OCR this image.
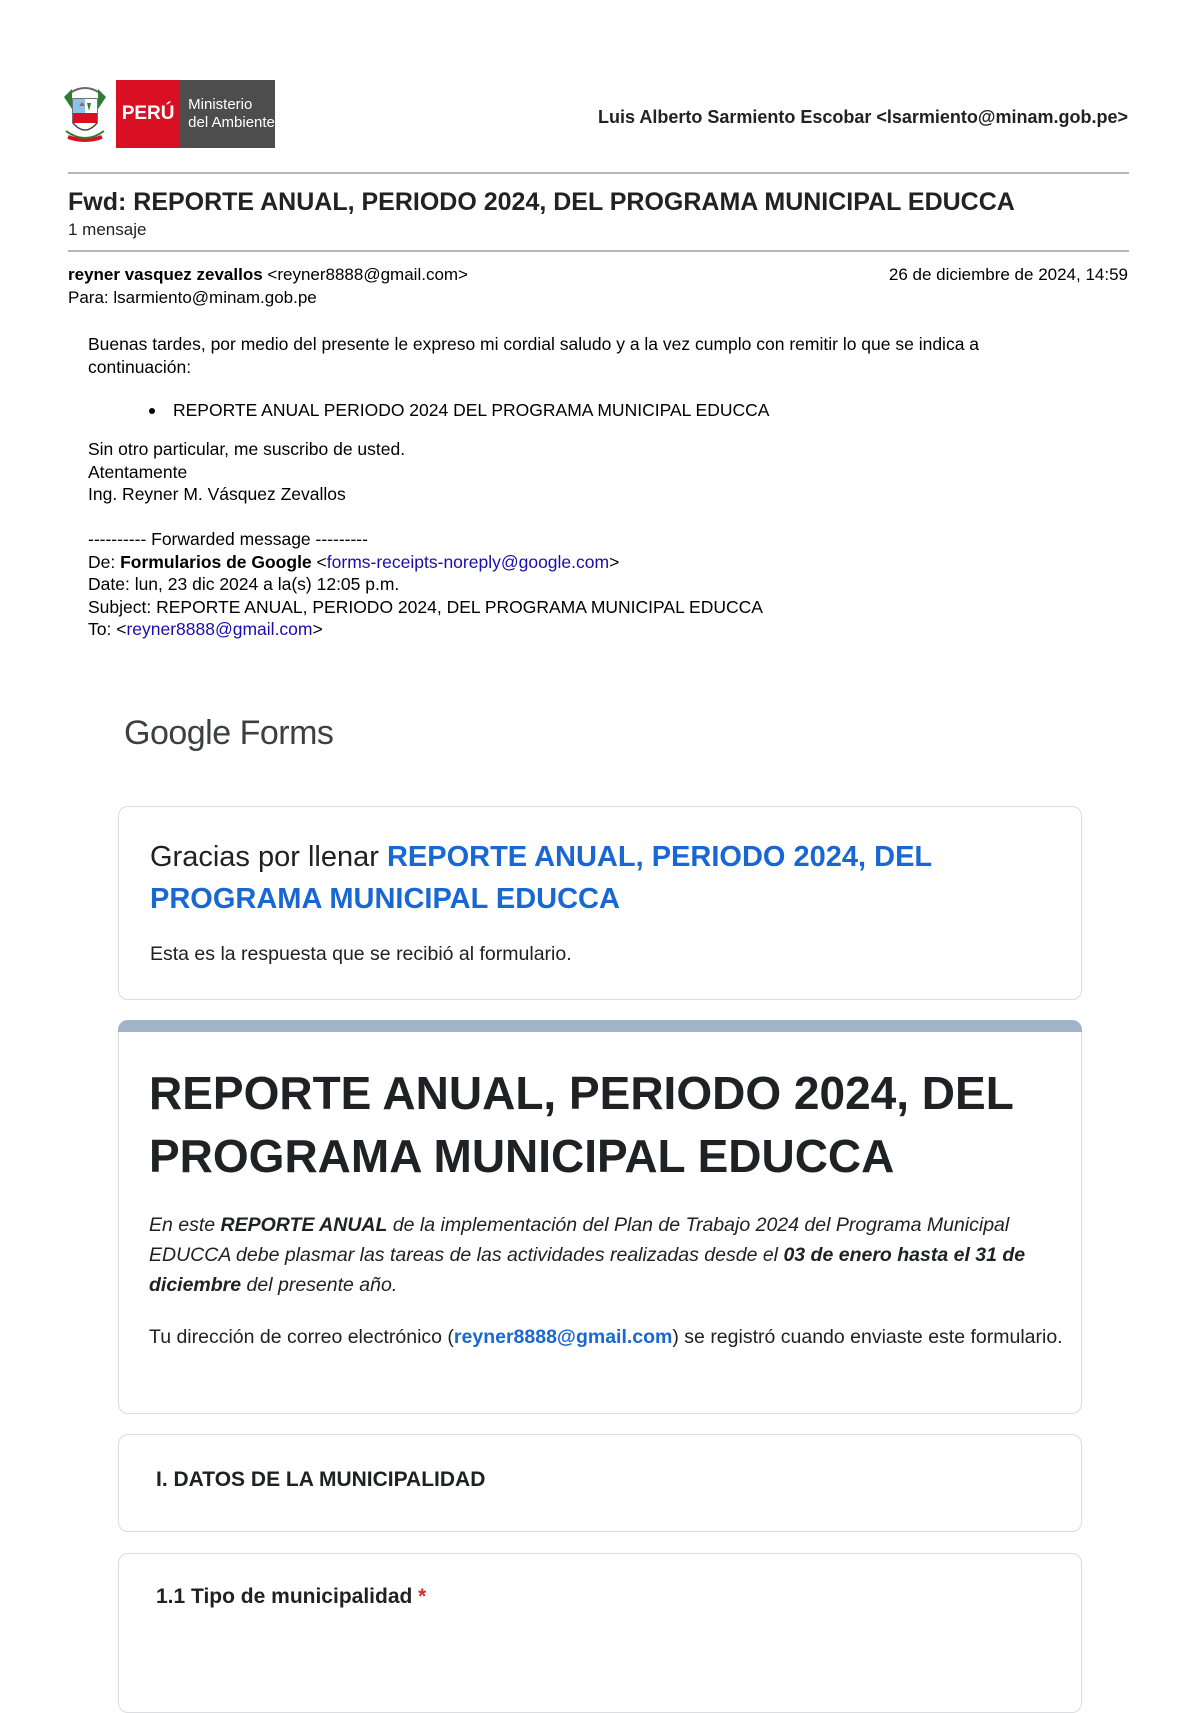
PERÚ Ministerio
del Ambiente	Luis Alberto Sarmiento Escobar <lsarmiento@minam.gob.pe>
Fwd: REPORTE ANUAL, PERIODO 2024, DEL PROGRAMA MUNICIPAL EDUCCA
1 mensaje
reyner vasquez zevallos <reyner8888@gmail.com>	26 de diciembre de 2024, 14:59
Para: lsarmiento@minam.gob.pe
Buenas tardes, por medio del presente le expreso mi cordial saludo y a la vez cumplo con remitir lo que se indica a
continuación:
REPORTE ANUAL PERIODO 2024 DEL PROGRAMA MUNICIPAL EDUCCA
Sin otro particular, me suscribo de usted.
Atentamente
Ing. Reyner M. Vásquez Zevallos
---------- Forwarded message ---------
De: Formularios de Google <forms-receipts-noreply@google.com>
Date: lun, 23 dic 2024 a la(s) 12:05 p.m.
Subject: REPORTE ANUAL, PERIODO 2024, DEL PROGRAMA MUNICIPAL EDUCCA
To: <reyner8888@gmail.com>
Google Forms
Gracias por llenar REPORTE ANUAL, PERIODO 2024, DEL PROGRAMA MUNICIPAL EDUCCA
Esta es la respuesta que se recibió al formulario.
REPORTE ANUAL, PERIODO 2024, DEL PROGRAMA MUNICIPAL EDUCCA
En este REPORTE ANUAL de la implementación del Plan de Trabajo 2024 del Programa Municipal EDUCCA debe plasmar las tareas de las actividades realizadas desde el 03 de enero hasta el 31 de diciembre del presente año.
Tu dirección de correo electrónico (reyner8888@gmail.com) se registró cuando enviaste este formulario.
I. DATOS DE LA MUNICIPALIDAD
1.1 Tipo de municipalidad *
